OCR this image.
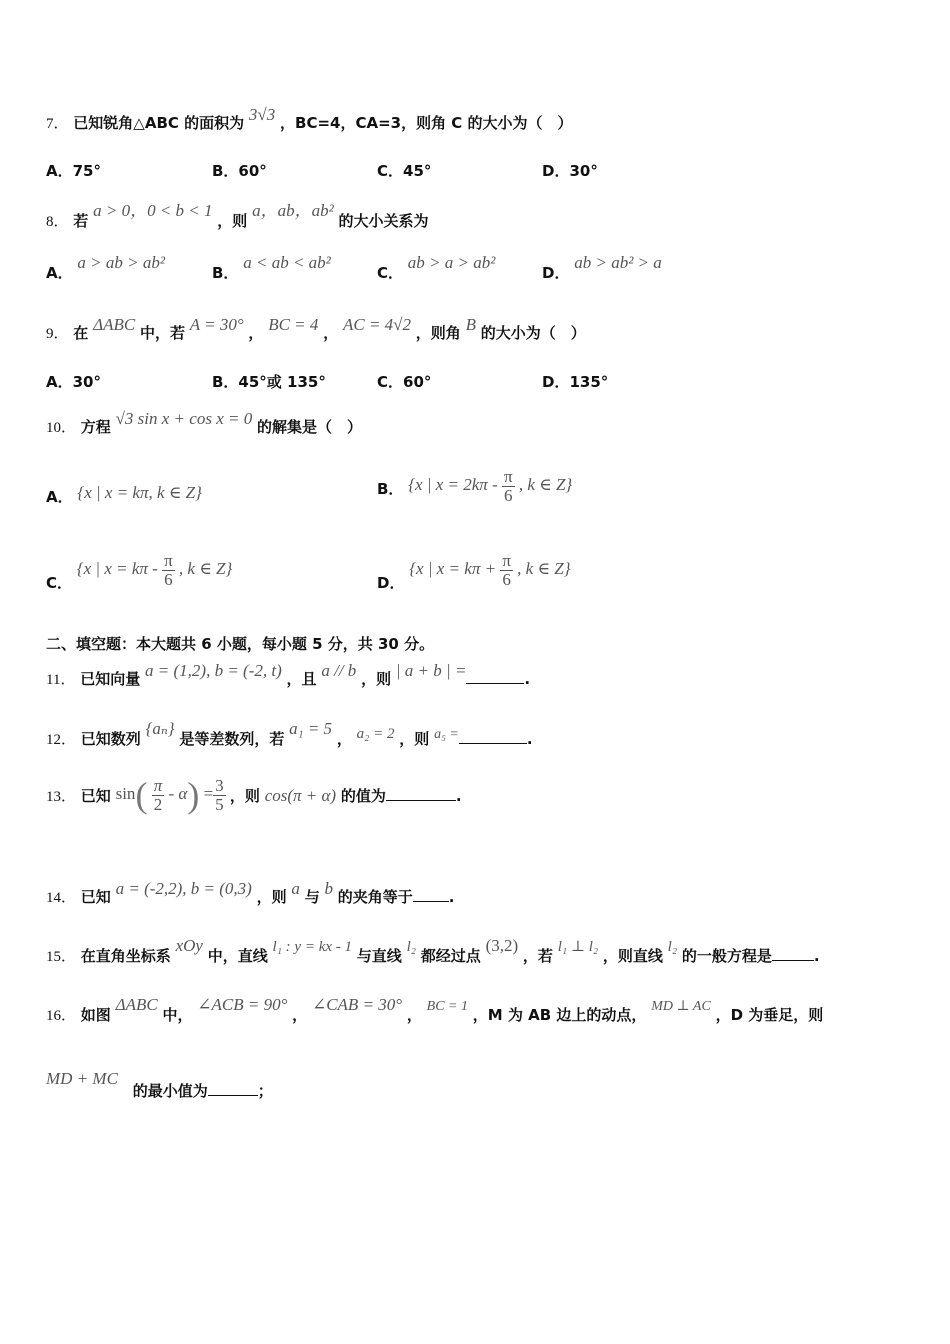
7． 已知锐角△ABC 的面积为 3√3 ，BC=4，CA=3，则角 C 的大小为（　）
A．75°	B．60°	C．45°	D．30°
8． 若 a > 0，0 < b < 1 ，则 a，ab，ab² 的大小关系为
A． a > ab > ab²
B． a < ab < ab²
C． ab > a > ab²
D． ab > ab² > a
9． 在 ΔABC 中，若 A = 30° ， BC = 4 ， AC = 4√2 ，则角 B 的大小为（　）
A．30°	B．45°或 135°	C．60°	D．135°
10． 方程 √3 sin x + cos x = 0 的解集是（　）
A． {x | x = kπ, k ∈ Z}	B． {x | $x = 2k\pi - \frac{\pi}{6}$ , k ∈ Z}
C． {x | $x = k\pi - \frac{\pi}{6}$ , k ∈ Z}
D． {x | $x = k\pi + \frac{\pi}{6}$ , k ∈ Z}
二、填空题：本大题共 6 小题，每小题 5 分，共 30 分。
11． 已知向量 a = (1,2), b = (-2, t) ，且 a // b ，则 | a + b | =	.
12． 已知数列 {aₙ} 是等差数列，若 a₁ = 5 ， a₂ = 2 ，则 a₅ =	.
13． 已知 $\sin( \frac{\pi}{2} - \alpha) = \frac{3}{5}$ ，则 cos(π + α) 的值为	.
14． 已知 a = (-2,2), b = (0,3) ，则 a 与 b 的夹角等于 .
15． 在直角坐标系 xOy 中，直线 l₁ : y = kx - 1 与直线 l₂ 都经过点 (3,2) ，若 l₁ ⊥ l₂ ，则直线 l₂ 的一般方程是	.
16． 如图 ΔABC 中， ∠ACB = 90° ， ∠CAB = 30° ， BC = 1 ，M 为 AB 边上的动点， MD ⊥ AC ，D 为垂足，则
MD + MC 的最小值为	；
